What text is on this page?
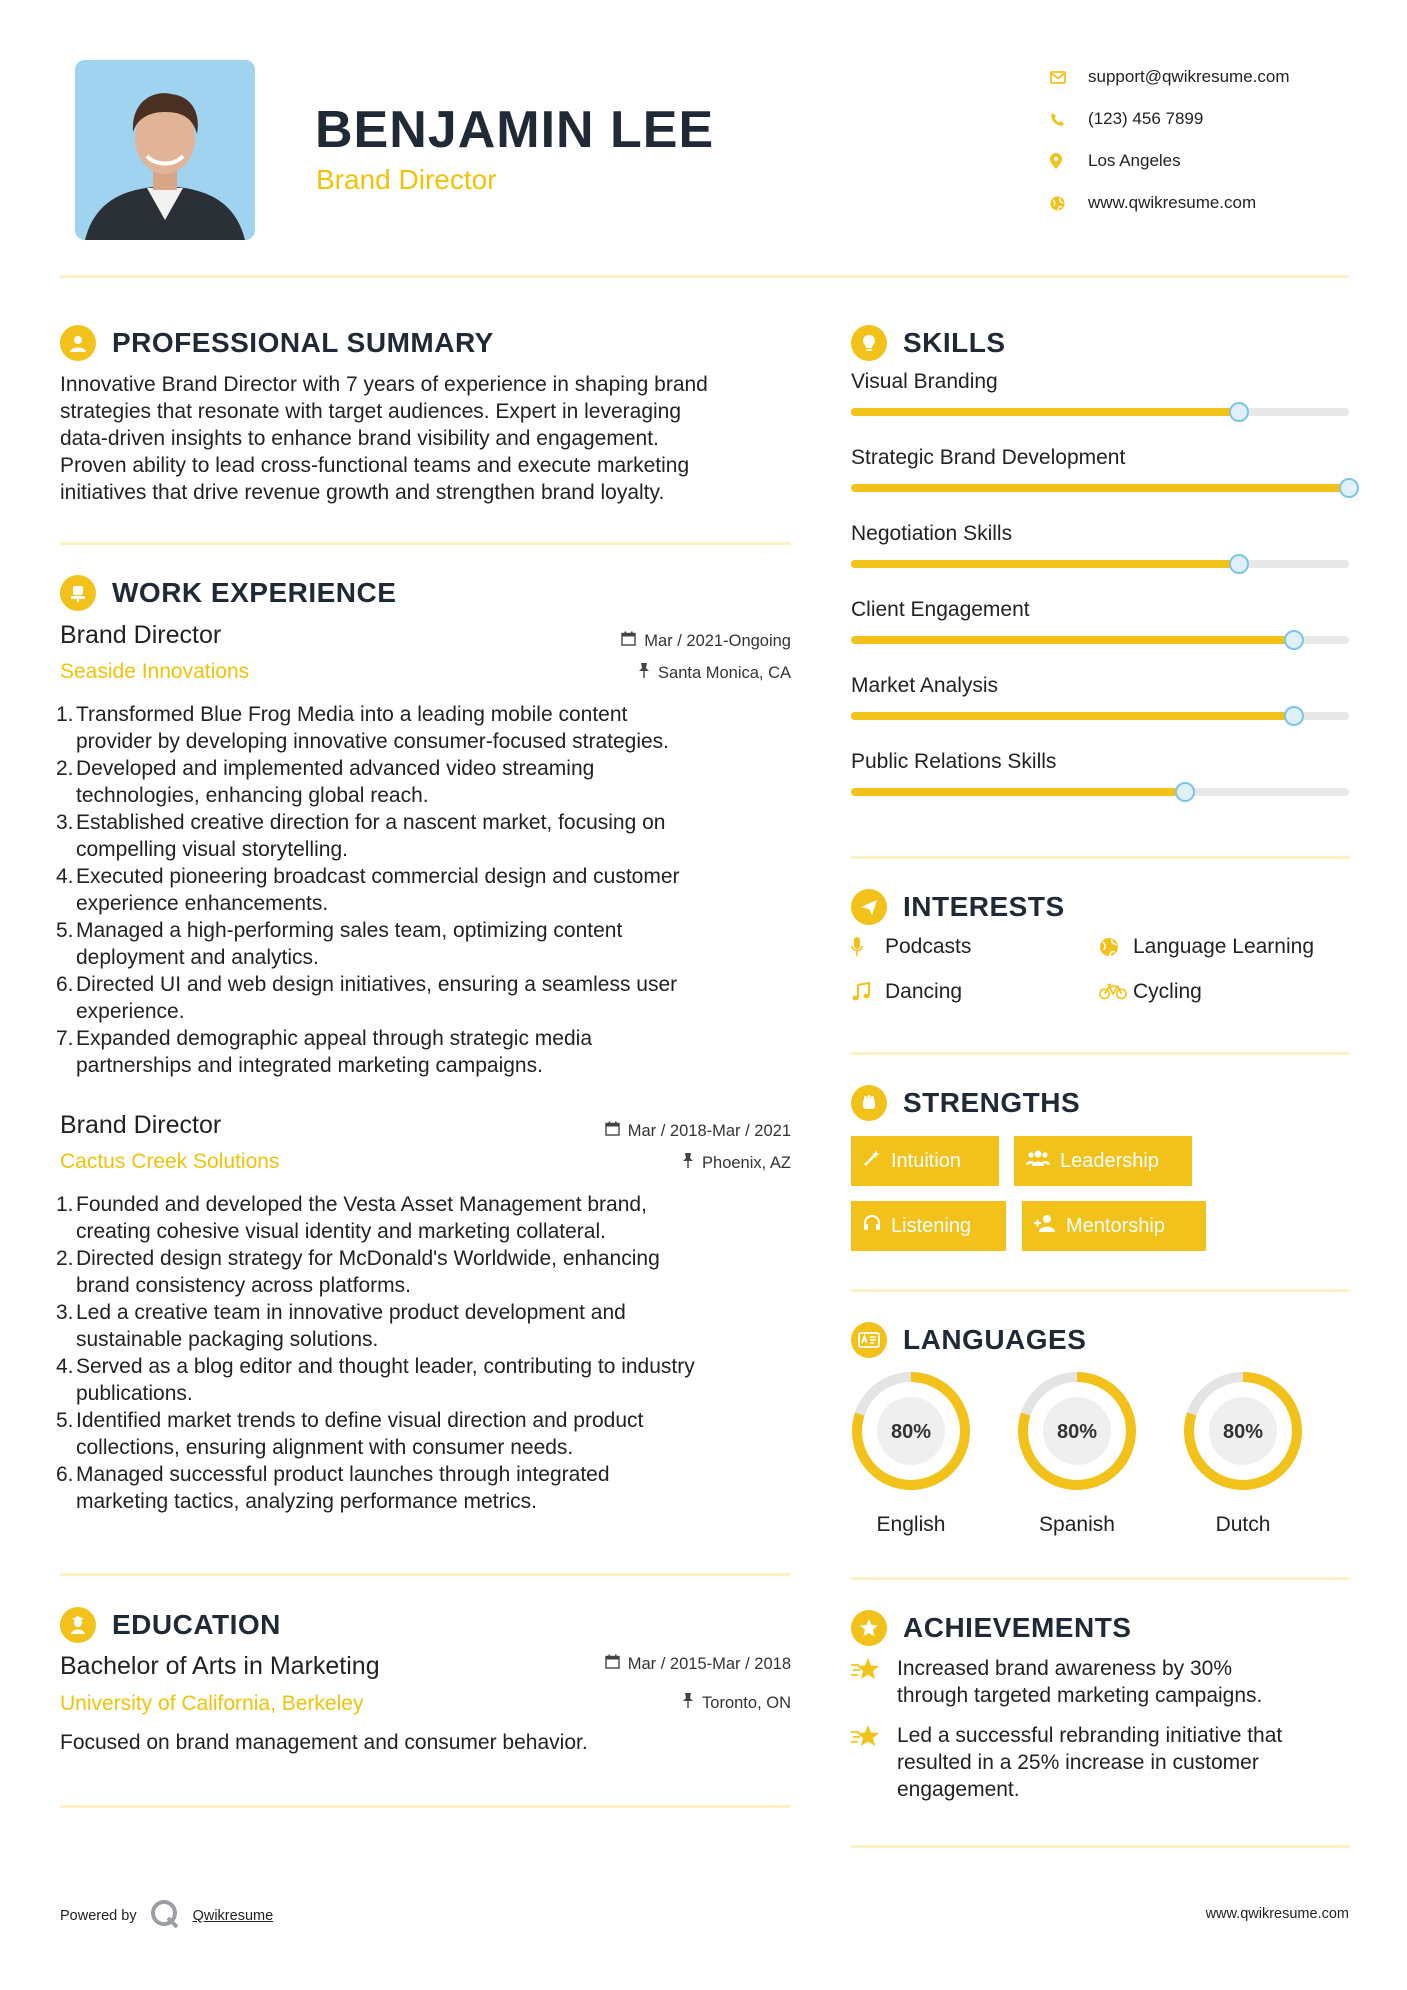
BENJAMIN LEE
Brand Director
support@qwikresume.com
(123) 456 7899
Los Angeles
www.qwikresume.com
PROFESSIONAL SUMMARY
Innovative Brand Director with 7 years of experience in shaping brand
strategies that resonate with target audiences. Expert in leveraging
data-driven insights to enhance brand visibility and engagement.
Proven ability to lead cross-functional teams and execute marketing
initiatives that drive revenue growth and strengthen brand loyalty.
WORK EXPERIENCE
Brand Director
Seaside Innovations
Mar / 2021-Ongoing
Santa Monica, CA
1. Transformed Blue Frog Media into a leading mobile content
provider by developing innovative consumer-focused strategies.
2. Developed and implemented advanced video streaming
technologies, enhancing global reach.
3. Established creative direction for a nascent market, focusing on
compelling visual storytelling.
4. Executed pioneering broadcast commercial design and customer
experience enhancements.
5. Managed a high-performing sales team, optimizing content
deployment and analytics.
6. Directed UI and web design initiatives, ensuring a seamless user
experience.
7. Expanded demographic appeal through strategic media
partnerships and integrated marketing campaigns.
Brand Director
Cactus Creek Solutions
Mar / 2018-Mar / 2021
Phoenix, AZ
1. Founded and developed the Vesta Asset Management brand,
creating cohesive visual identity and marketing collateral.
2. Directed design strategy for McDonald's Worldwide, enhancing
brand consistency across platforms.
3. Led a creative team in innovative product development and
sustainable packaging solutions.
4. Served as a blog editor and thought leader, contributing to industry
publications.
5. Identified market trends to define visual direction and product
collections, ensuring alignment with consumer needs.
6. Managed successful product launches through integrated
marketing tactics, analyzing performance metrics.
EDUCATION
Bachelor of Arts in Marketing
University of California, Berkeley
Mar / 2015-Mar / 2018
Toronto, ON
Focused on brand management and consumer behavior.
SKILLS
Visual Branding
Strategic Brand Development
Negotiation Skills
Client Engagement
Market Analysis
Public Relations Skills
INTERESTS
Podcasts	Language Learning
Dancing	Cycling
STRENGTHS
Intuition	Leadership
Listening	Mentorship
LANGUAGES
80%
English
80%
Spanish
80%
Dutch
ACHIEVEMENTS
Increased brand awareness by 30%
through targeted marketing campaigns.
Led a successful rebranding initiative that
resulted in a 25% increase in customer
engagement.
Powered by	Qwikresume	www.qwikresume.com
